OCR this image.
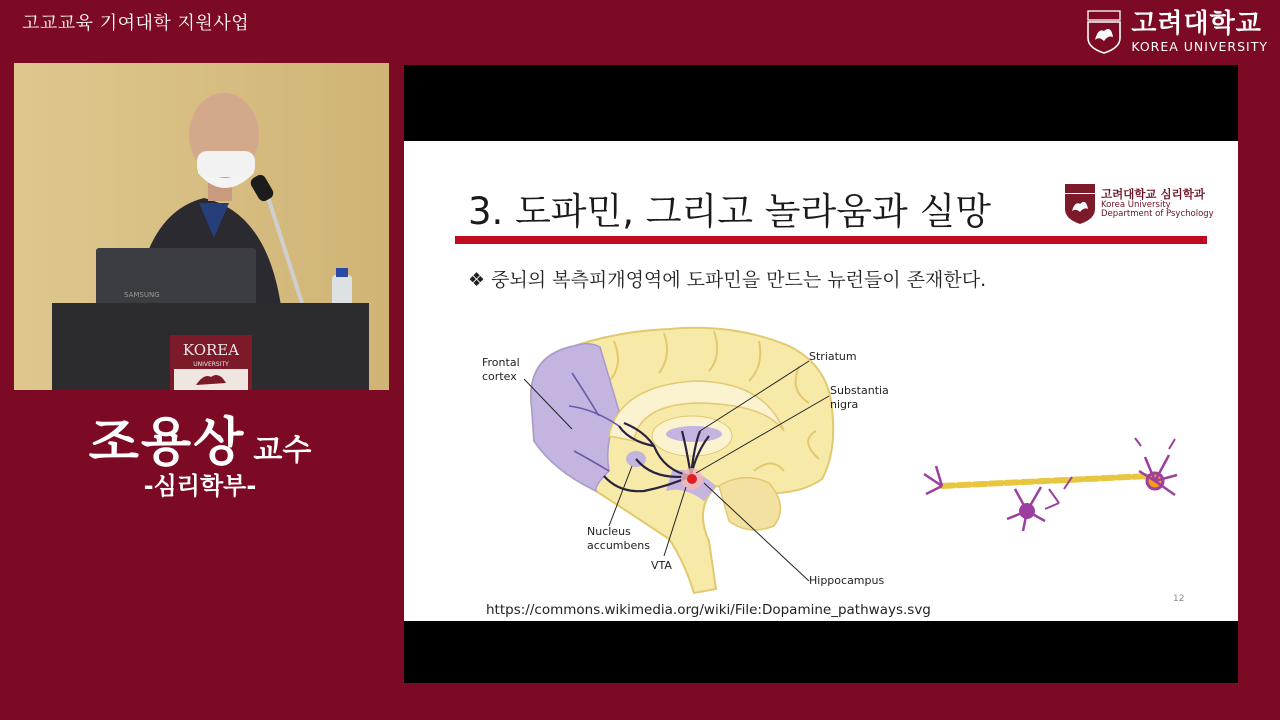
고교교육 기여대학 지원사업	고려대학교
KOREA UNIVERSITY
SAMSUNG
KOREA
UNIVERSITY
조용상 교수
-심리학부-
3. 도파민, 그리고 놀라움과 실망	고려대학교 심리학과
Korea University
Department of Psychology
❖ 중뇌의 복측피개영역에 도파민을 만드는 뉴런들이 존재한다.
Frontal
cortex
Striatum
Substantia
nigra
Nucleus
accumbens
VTA
Hippocampus
https://commons.wikimedia.org/wiki/File:Dopamine_pathways.svg
12
